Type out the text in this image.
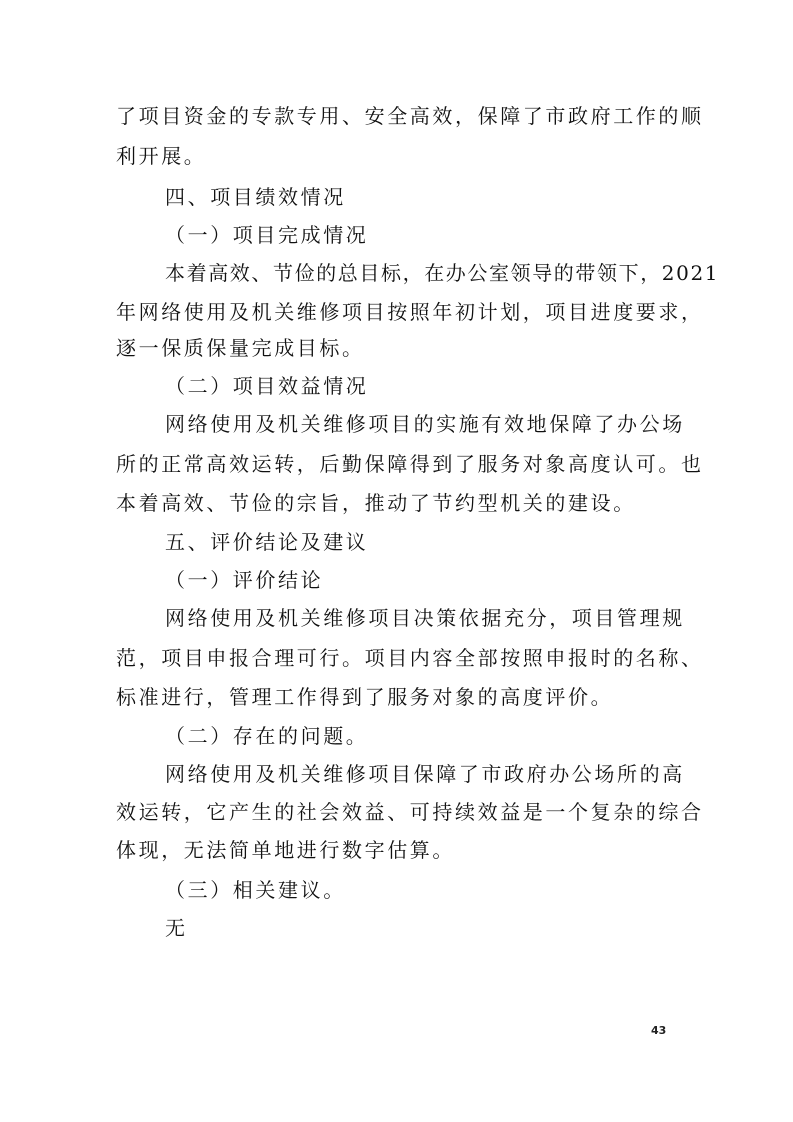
了项目资金的专款专用、安全高效，保障了市政府工作的顺
利开展。
四、项目绩效情况
（一）项目完成情况
本着高效、节俭的总目标，在办公室领导的带领下，2021
年网络使用及机关维修项目按照年初计划，项目进度要求，
逐一保质保量完成目标。
（二）项目效益情况
网络使用及机关维修项目的实施有效地保障了办公场
所的正常高效运转，后勤保障得到了服务对象高度认可。也
本着高效、节俭的宗旨，推动了节约型机关的建设。
五、评价结论及建议
（一）评价结论
网络使用及机关维修项目决策依据充分，项目管理规
范，项目申报合理可行。项目内容全部按照申报时的名称、
标准进行，管理工作得到了服务对象的高度评价。
（二）存在的问题。
网络使用及机关维修项目保障了市政府办公场所的高
效运转，它产生的社会效益、可持续效益是一个复杂的综合
体现，无法简单地进行数字估算。
（三）相关建议。
无
43
